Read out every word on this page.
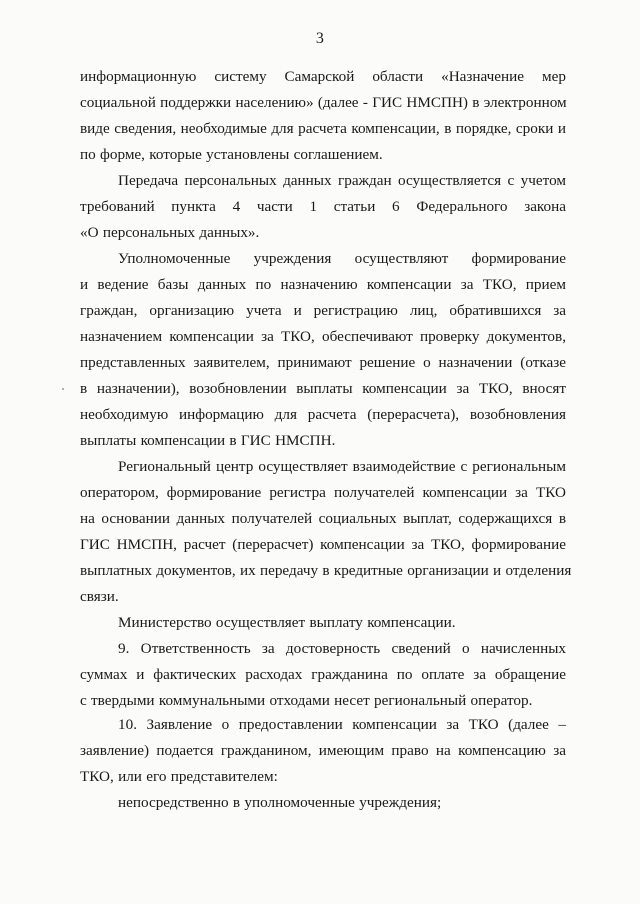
3
информационную систему Самарской области «Назначение мер
социальной поддержки населению» (далее - ГИС НМСПН) в электронном
виде сведения, необходимые для расчета компенсации, в порядке, сроки и
по форме, которые установлены соглашением.
Передача персональных данных граждан осуществляется с учетом
требований пункта 4 части 1 статьи 6 Федерального закона
«О персональных данных».
Уполномоченные учреждения осуществляют формирование
и ведение базы данных по назначению компенсации за ТКО, прием
граждан, организацию учета и регистрацию лиц, обратившихся за
назначением компенсации за ТКО, обеспечивают проверку документов,
представленных заявителем, принимают решение о назначении (отказе
в назначении), возобновлении выплаты компенсации за ТКО, вносят
необходимую информацию для расчета (перерасчета), возобновления
выплаты компенсации в ГИС НМСПН.
Региональный центр осуществляет взаимодействие с региональным
оператором, формирование регистра получателей компенсации за ТКО
на основании данных получателей социальных выплат, содержащихся в
ГИС НМСПН, расчет (перерасчет) компенсации за ТКО, формирование
выплатных документов, их передачу в кредитные организации и отделения
связи.
Министерство осуществляет выплату компенсации.
9. Ответственность за достоверность сведений о начисленных
суммах и фактических расходах гражданина по оплате за обращение
с твердыми коммунальными отходами несет региональный оператор.
10. Заявление о предоставлении компенсации за ТКО (далее –
заявление) подается гражданином, имеющим право на компенсацию за
ТКО, или его представителем:
непосредственно в уполномоченные учреждения;
